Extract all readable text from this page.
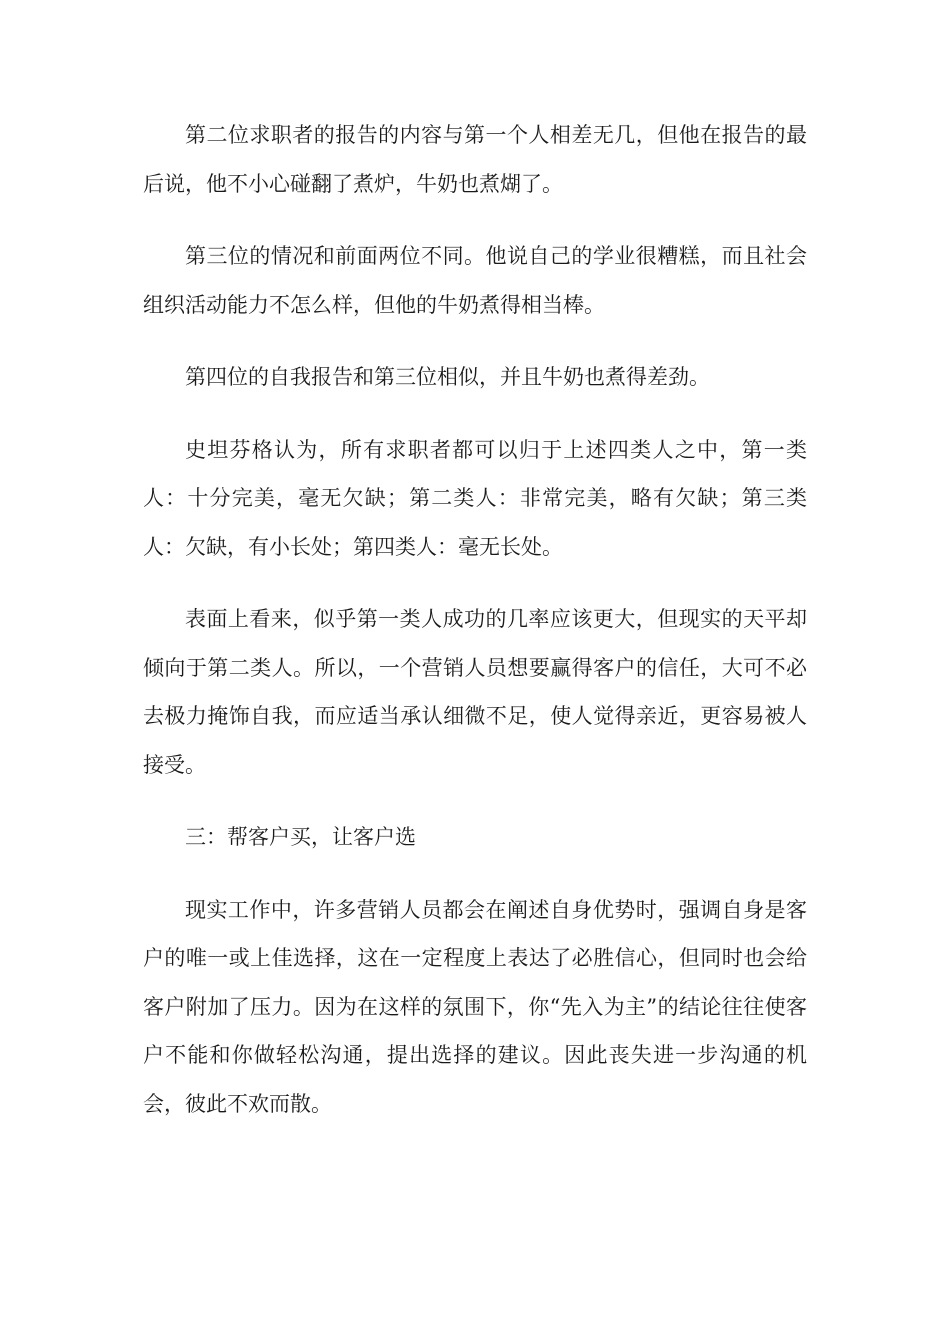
第二位求职者的报告的内容与第一个人相差无几，但他在报告的最后说，他不小心碰翻了煮炉，牛奶也煮煳了。

第三位的情况和前面两位不同。他说自己的学业很糟糕，而且社会组织活动能力不怎么样，但他的牛奶煮得相当棒。

第四位的自我报告和第三位相似，并且牛奶也煮得差劲。

史坦芬格认为，所有求职者都可以归于上述四类人之中，第一类人：十分完美，毫无欠缺；第二类人：非常完美，略有欠缺；第三类人：欠缺，有小长处；第四类人：毫无长处。

表面上看来，似乎第一类人成功的几率应该更大，但现实的天平却倾向于第二类人。所以，一个营销人员想要赢得客户的信任，大可不必去极力掩饰自我，而应适当承认细微不足，使人觉得亲近，更容易被人接受。

三：帮客户买，让客户选

现实工作中，许多营销人员都会在阐述自身优势时，强调自身是客户的唯一或上佳选择，这在一定程度上表达了必胜信心，但同时也会给客户附加了压力。因为在这样的氛围下，你“先入为主”的结论往往使客户不能和你做轻松沟通，提出选择的建议。因此丧失进一步沟通的机会，彼此不欢而散。
